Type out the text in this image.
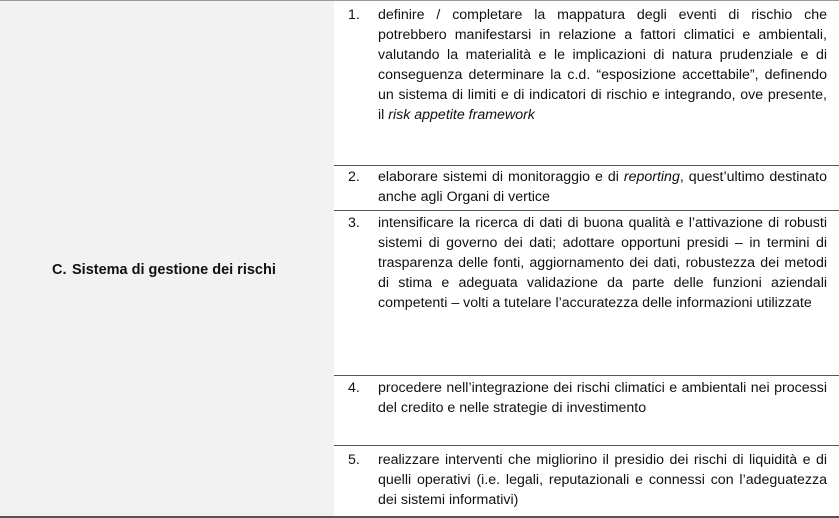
C. Sistema di gestione dei rischi
1. definire / completare la mappatura degli eventi di rischio che potrebbero manifestarsi in relazione a fattori climatici e ambientali, valutando la materialità e le implicazioni di natura prudenziale e di conseguenza determinare la c.d. “esposizione accettabile”, definendo un sistema di limiti e di indicatori di rischio e integrando, ove presente, il risk appetite framework
2. elaborare sistemi di monitoraggio e di reporting, quest’ultimo destinato anche agli Organi di vertice
3. intensificare la ricerca di dati di buona qualità e l’attivazione di robusti sistemi di governo dei dati; adottare opportuni presidi – in termini di trasparenza delle fonti, aggiornamento dei dati, robustezza dei metodi di stima e adeguata validazione da parte delle funzioni aziendali competenti – volti a tutelare l’accuratezza delle informazioni utilizzate
4. procedere nell’integrazione dei rischi climatici e ambientali nei processi del credito e nelle strategie di investimento
5. realizzare interventi che migliorino il presidio dei rischi di liquidità e di quelli operativi (i.e. legali, reputazionali e connessi con l’adeguatezza dei sistemi informativi)
